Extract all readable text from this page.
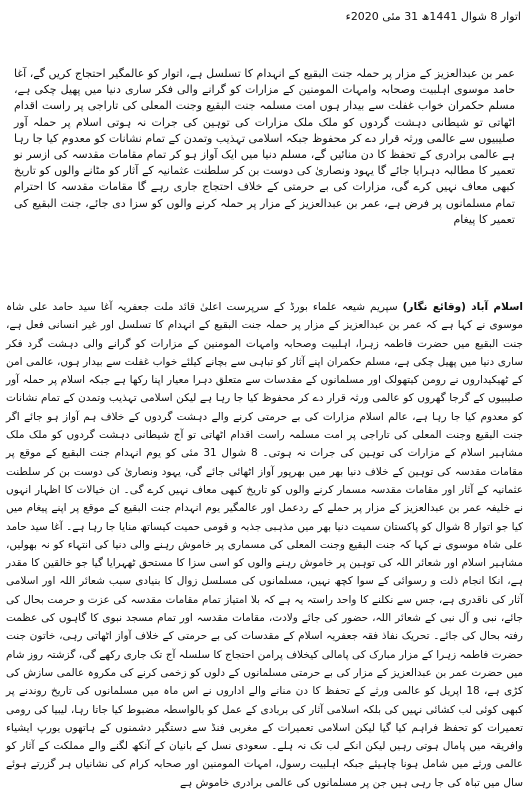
اتوار 8 شوال 1441ھ 31 مئی 2020ء

عمر بن عبدالعزیز کے مزار پر حملہ جنت البقیع کے انہدام کا تسلسل ہے، اتوار کو عالمگیر احتجاج کریں گے، آغا حامد موسوی اہلبیت وصحابہ وامہات المومنین کے مزارات کو گرانے والی فکر ساری دنیا میں پھیل چکی ہے، مسلم حکمران خواب غفلت سے بیدار ہوں امت مسلمہ جنت البقیع وجنت المعلی کی تاراجی پر راست اقدام اٹھاتی تو شیطانی دہشت گردوں کو ملک ملک مزارات کی توہین کی جرات نہ ہوتی اسلام پر حملہ آور صلیبیوں سے عالمی ورثہ قرار دے کر محفوظ جبکہ اسلامی تہذیب وتمدن کے تمام نشانات کو معدوم کیا جا رہا ہے عالمی برادری کے تحفظ کا دن منائیں گے، مسلم دنیا میں ایک آواز ہو کر تمام مقامات مقدسہ کی ازسر نو تعمیر کا مطالبہ دہرایا جائے گا یہود ونصاریٰ کی دوست بن کر سلطنت عثمانیہ کے آثار کو مٹانے والوں کو تاریخ کبھی معاف نہیں کرے گی، مزارات کی بے حرمتی کے خلاف احتجاج جاری رہے گا مقامات مقدسہ کا احترام تمام مسلمانوں پر فرض ہے، عمر بن عبدالعزیز کے مزار پر حملہ کرنے والوں کو سزا دی جائے، جنت البقیع کی تعمیر کا پیغام

اسلام آباد (وقائع نگار) سپریم شیعہ علماء بورڈ کے سرپرست اعلیٰ قائد ملت جعفریہ آغا سید حامد علی شاہ موسوی نے کہا ہے کہ عمر بن عبدالعزیز کے مزار پر حملہ جنت البقیع کے انہدام کا تسلسل اور غیر انسانی فعل ہے، جنت البقیع میں حضرت فاطمہ زہرا، اہلبیت وصحابہ وامہات المومنین کے مزارات کو گرانے والی دہشت گرد فکر ساری دنیا میں پھیل چکی ہے، مسلم حکمران اپنے آثار کو تباہی سے بچانے کیلئے خواب غفلت سے بیدار ہوں، عالمی امن کے ٹھیکیداروں نے رومن کیتھولک اور مسلمانوں کے مقدسات سے متعلق دہرا معیار اپنا رکھا ہے جبکہ اسلام پر حملہ آور صلیبیوں کے گرجا گھروں کو عالمی ورثہ قرار دے کر محفوظ کیا جا رہا ہے لیکن اسلامی تہذیب وتمدن کے تمام نشانات کو معدوم کیا جا رہا ہے، عالم اسلام مزارات کی بے حرمتی کرنے والے دہشت گردوں کے خلاف ہم آواز ہو جائے اگر جنت البقیع وجنت المعلی کی تاراجی پر امت مسلمہ راست اقدام اٹھاتی تو آج شیطانی دہشت گردوں کو ملک ملک مشاہیر اسلام کے مزارات کی توہین کی جرات نہ ہوتی۔ 8 شوال 31 مئی کو یوم انہدام جنت البقیع کے موقع پر مقامات مقدسہ کی توہین کے خلاف دنیا بھر میں بھرپور آواز اٹھائی جائے گی، یہود ونصاریٰ کی دوست بن کر سلطنت عثمانیہ کے آثار اور مقامات مقدسہ مسمار کرنے والوں کو تاریخ کبھی معاف نہیں کرے گی۔ ان خیالات کا اظہار انہوں نے خلیفہ عمر بن عبدالعزیز کے مزار پر حملے کے ردعمل اور عالمگیر یوم انہدام جنت البقیع کے موقع پر اپنے پیغام میں کیا جو اتوار 8 شوال کو پاکستان سمیت دنیا بھر میں مذہبی جذبہ و قومی حمیت کیساتھ منایا جا رہا ہے۔ آغا سید حامد علی شاہ موسوی نے کہا کہ جنت البقیع وجنت المعلی کی مسماری پر خاموش رہنے والی دنیا کی انتہاء کو نہ بھولیں، مشاہیر اسلام اور شعائر اللہ کی توہین پر خاموش رہنے والوں کو اسی سزا کا مستحق ٹھہرایا گیا جو خالقین کا مقدر ہے، انکا انجام ذلت و رسوائی کے سوا کچھ نہیں، مسلمانوں کی مسلسل زوال کا بنیادی سبب شعائر اللہ اور اسلامی آثار کی ناقدری ہے، جس سے نکلنے کا واحد راستہ یہ ہے کہ بلا امتیاز تمام مقامات مقدسہ کی عزت و حرمت بحال کی جائے، نبی و آل نبی کے شعائر اللہ، حضور کی جائے ولادت، مقامات مقدسہ اور تمام مسجد نبوی کا گاہوں کی عظمت رفتہ بحال کی جائے۔ تحریک نفاذ فقہ جعفریہ اسلام کے مقدسات کی بے حرمتی کے خلاف آواز اٹھاتی رہی، خاتون جنت حضرت فاطمہ زہرا کے مزار مبارک کی پامالی کیخلاف پرامن احتجاج کا سلسلہ آج تک جاری رکھے گی، گزشتہ روز شام میں حضرت عمر بن عبدالعزیز کے مزار کی بے حرمتی مسلمانوں کے دلوں کو زخمی کرنے کی مکروہ عالمی سازش کی کڑی ہے، 18 اپریل کو عالمی ورثے کے تحفظ کا دن منانے والے اداروں نے اس ماہ میں مسلمانوں کی تاریخ روندنے پر کبھی کوئی لب کشائی نہیں کی بلکہ اسلامی آثار کی بربادی کے عمل کو بالواسطہ مضبوط کیا جاتا رہا، لیبیا کی رومی تعمیرات کو تحفظ فراہم کیا گیا لیکن اسلامی تعمیرات کے مغربی فنڈ سے دستگیر دشمنوں کے ہاتھوں یورپ ایشیاء وافریقہ میں پامال ہوتی رہیں لیکن انکے لب تک نہ ہلے۔ سعودی نسل کے بانیان کے آنکھ لگنے والے مملکت کے آثار کو عالمی ورثے میں شامل ہونا چاہیئے جبکہ اہلبیت رسول، امہات المومنین اور صحابہ کرام کی نشانیاں ہر گزرتے ہوئے سال میں تباہ کی جا رہی ہیں جن پر مسلمانوں کی عالمی برادری خاموش ہے
